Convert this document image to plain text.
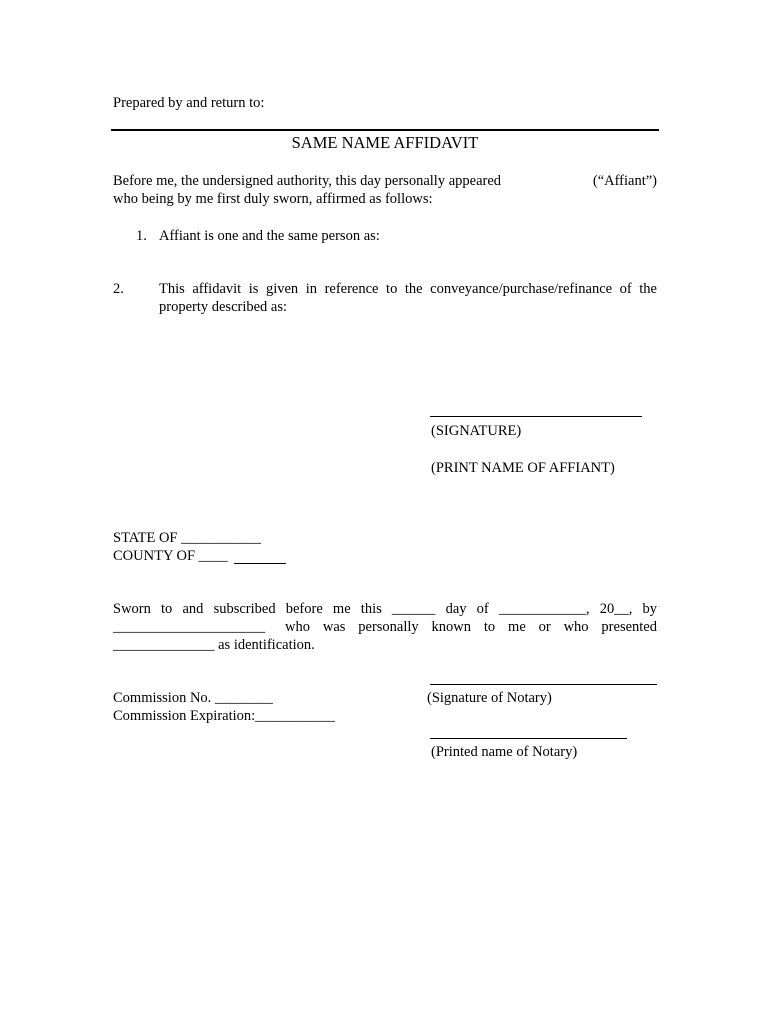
Prepared by and return to:
SAME NAME AFFIDAVIT
Before me, the undersigned authority, this day personally appeared	(“Affiant”)
who being by me first duly sworn, affirmed as follows:
1. Affiant is one and the same person as:
2. This affidavit is given in reference to the conveyance/purchase/refinance of the
property described as:
(SIGNATURE)
(PRINT NAME OF AFFIANT)
STATE OF ___________
COUNTY OF ____
Sworn to and subscribed before me this ______ day of ____________, 20__, by
_____________________ who was personally known to me or who presented
______________ as identification.
Commission No. ________	(Signature of Notary)
Commission Expiration:___________
(Printed name of Notary)
